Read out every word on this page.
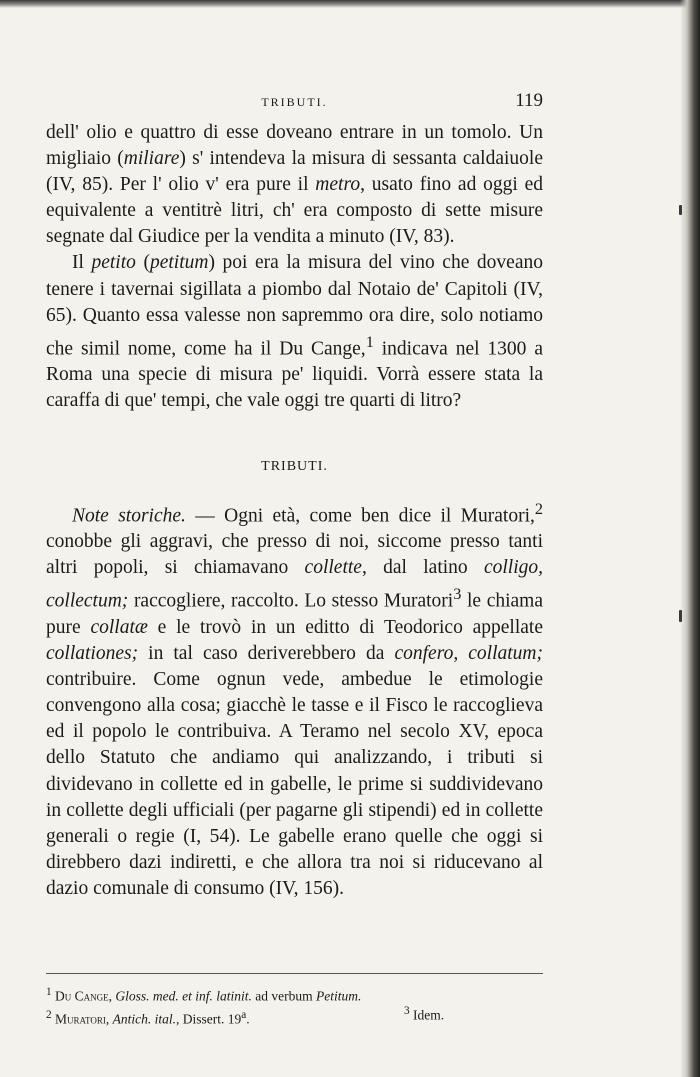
TRIBUTI.	119

dell' olio e quattro di esse doveano entrare in un tomolo. Un migliaio (miliare) s' intendeva la misura di sessanta caldaiuole (IV, 85). Per l' olio v' era pure il metro, usato fino ad oggi ed equivalente a ventitrè litri, ch' era composto di sette misure segnate dal Giudice per la vendita a minuto (IV, 83).

Il petito (petitum) poi era la misura del vino che doveano tenere i tavernai sigillata a piombo dal Notaio de' Capitoli (IV, 65). Quanto essa valesse non sapremmo ora dire, solo notiamo che simil nome, come ha il Du Cange,$^1$ indicava nel 1300 a Roma una specie di misura pe' liquidi. Vorrà essere stata la caraffa di que' tempi, che vale oggi tre quarti di litro?

TRIBUTI.

Note storiche. — Ogni età, come ben dice il Muratori,$^2$ conobbe gli aggravi, che presso di noi, siccome presso tanti altri popoli, si chiamavano collette, dal latino colligo, collectum; raccogliere, raccolto. Lo stesso Muratori$^3$ le chiama pure collatæ e le trovò in un editto di Teodorico appellate collationes; in tal caso deriverebbero da confero, collatum; contribuire. Come ognun vede, ambedue le etimologie convengono alla cosa; giacchè le tasse e il Fisco le raccoglieva ed il popolo le contribuiva. A Teramo nel secolo XV, epoca dello Statuto che andiamo qui analizzando, i tributi si dividevano in collette ed in gabelle, le prime si suddividevano in collette degli ufficiali (per pagarne gli stipendi) ed in collette generali o regie (I, 54). Le gabelle erano quelle che oggi si direbbero dazi indiretti, e che allora tra noi si riducevano al dazio comunale di consumo (IV, 156).

$^1$ Du Cange, Gloss. med. et inf. latinit. ad verbum Petitum.
$^2$ Muratori, Antich. ital., Dissert. 19$^a$.	$^3$ Idem.
